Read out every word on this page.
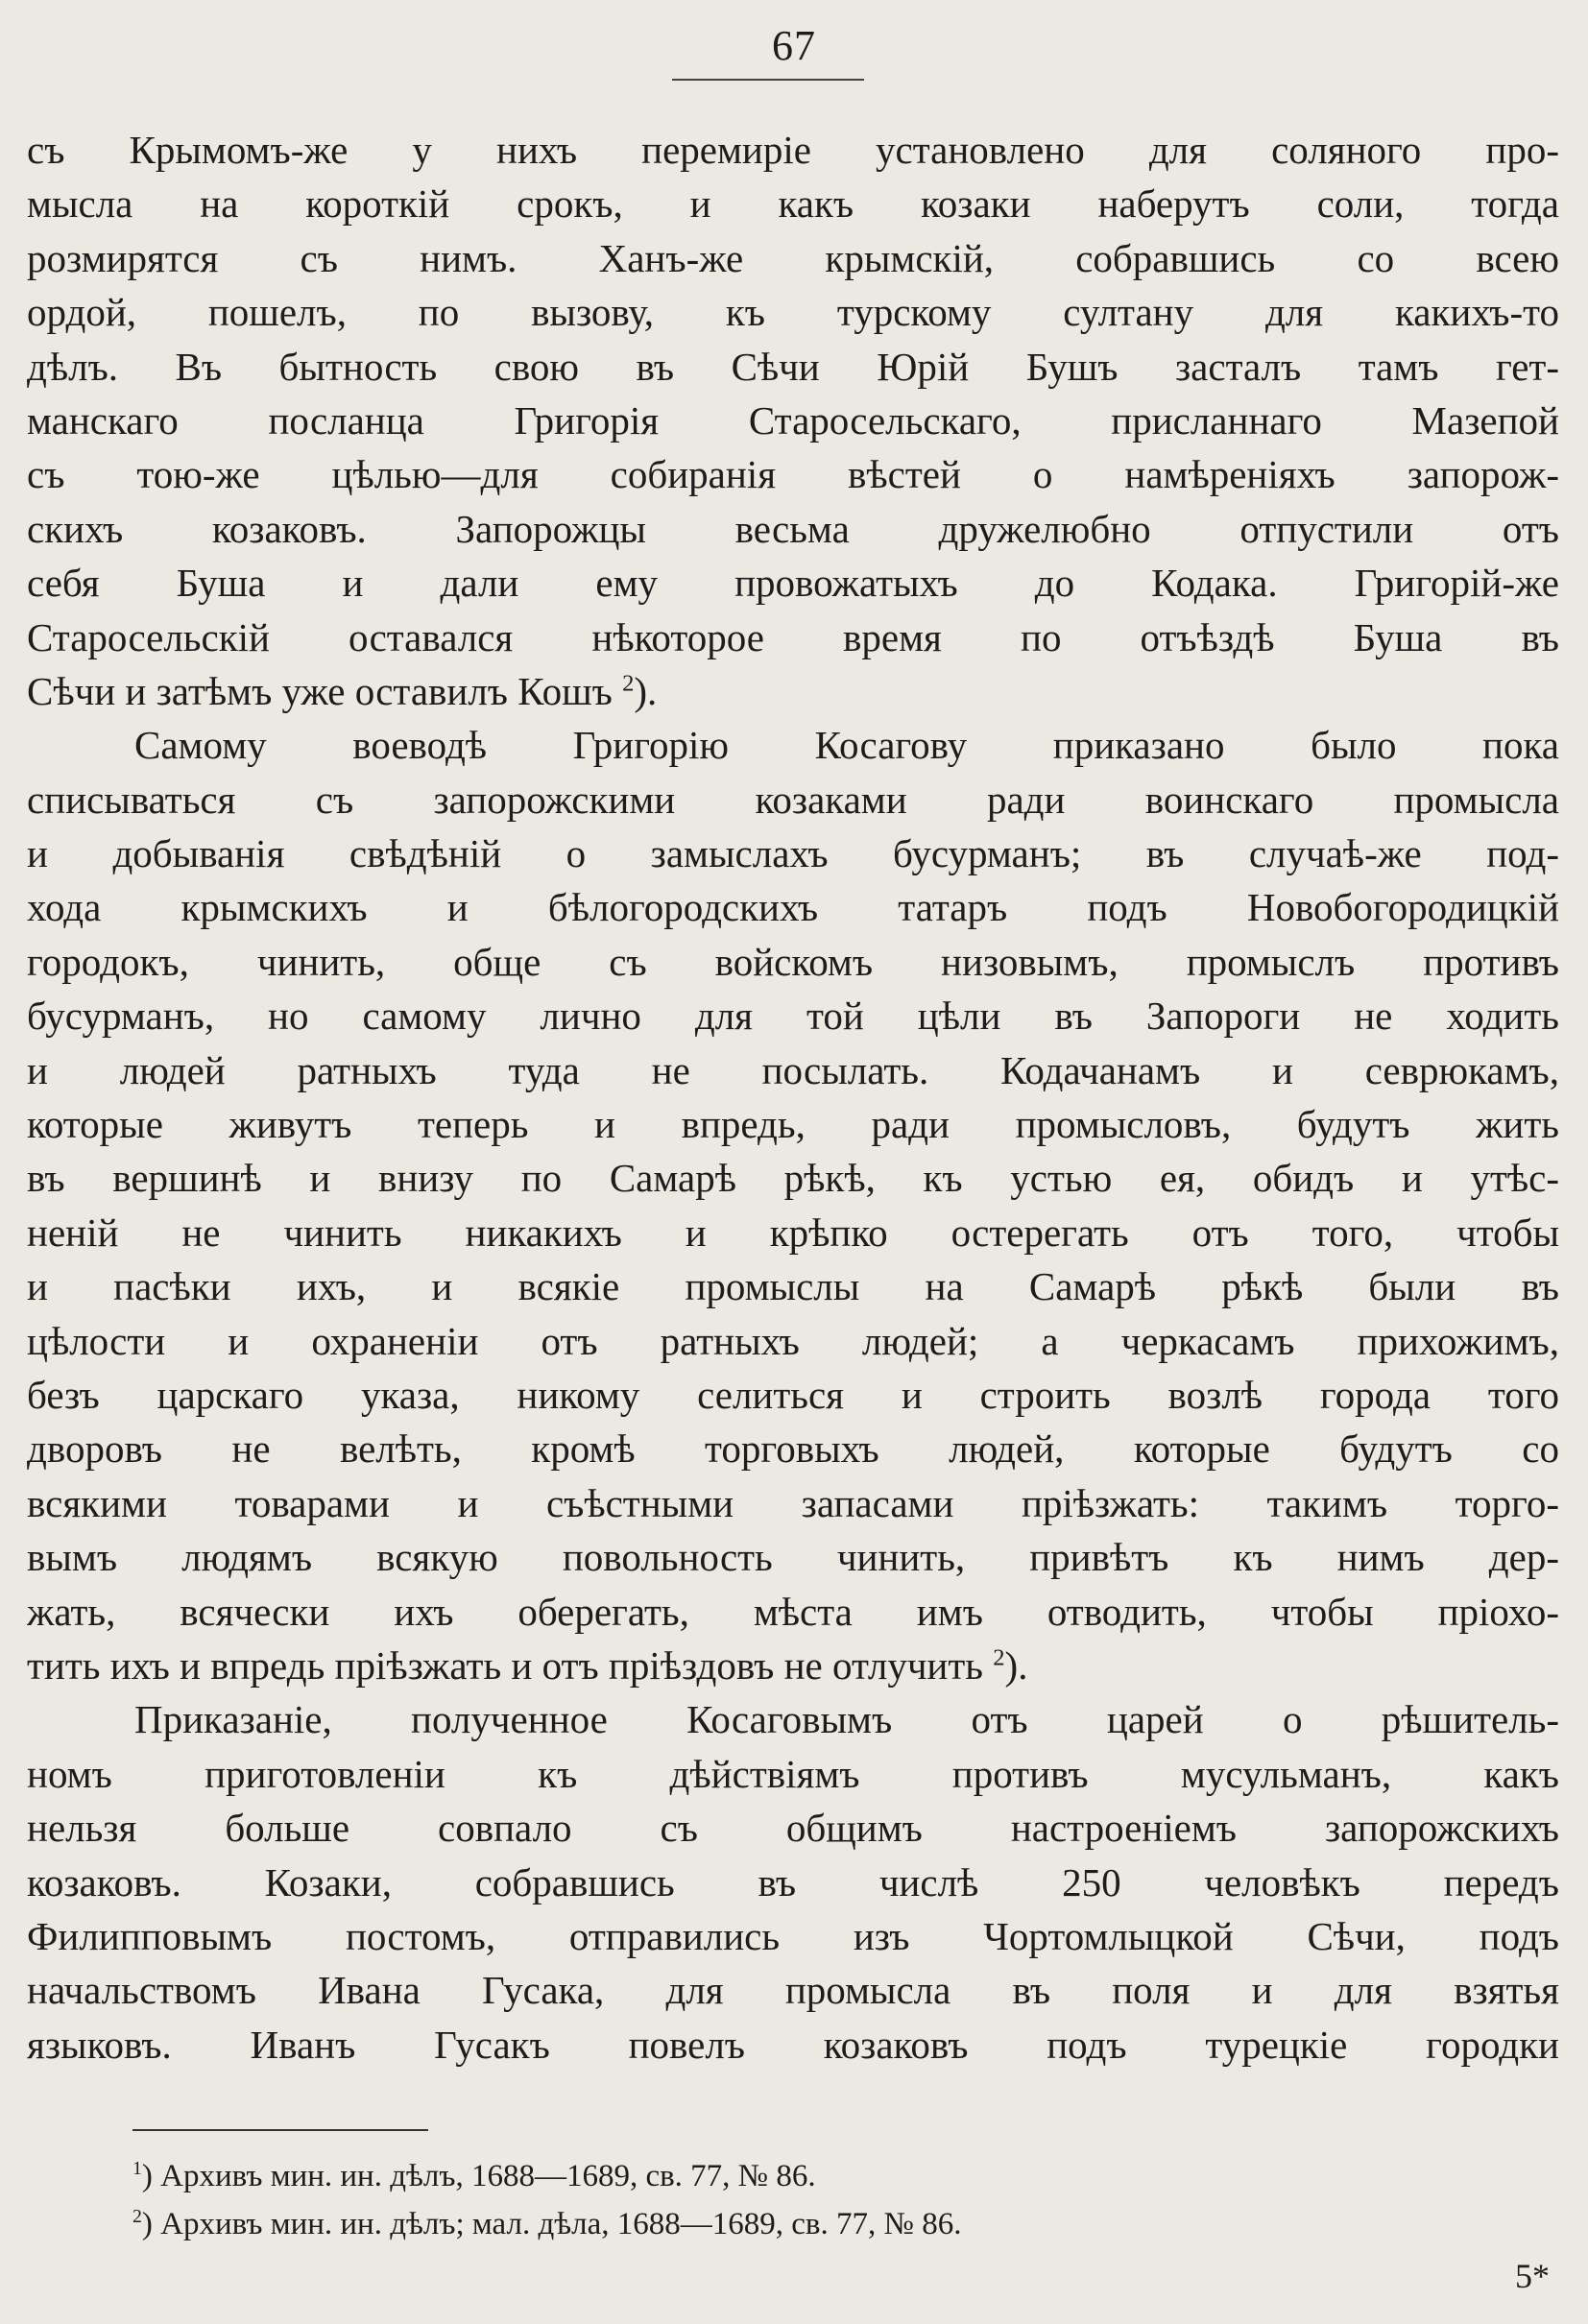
67
съ Крымомъ-же у нихъ перемиріе установлено для соляного про-
мысла на короткій срокъ, и какъ козаки наберутъ соли, тогда
розмирятся съ нимъ. Ханъ-же крымскій, собравшись со всею
ордой, пошелъ, по вызову, къ турскому султану для какихъ-то
дѣлъ. Въ бытность свою въ Сѣчи Юрій Бушъ засталъ тамъ гет-
манскаго посланца Григорія Старосельскаго, присланнаго Мазепой
съ тою-же цѣлью—для собиранія вѣстей о намѣреніяхъ запорож-
скихъ козаковъ. Запорожцы весьма дружелюбно отпустили отъ
себя Буша и дали ему провожатыхъ до Кодака. Григорій-же
Старосельскій оставался нѣкоторое время по отъѣздѣ Буша въ
Сѣчи и затѣмъ уже оставилъ Кошъ $^2$).
Самому воеводѣ Григорію Косагову приказано было пока
списываться съ запорожскими козаками ради воинскаго промысла
и добыванія свѣдѣній о замыслахъ бусурманъ; въ случаѣ-же под-
хода крымскихъ и бѣлогородскихъ татаръ подъ Новобогородицкій
городокъ, чинить, обще съ войскомъ низовымъ, промыслъ противъ
бусурманъ, но самому лично для той цѣли въ Запороги не ходить
и людей ратныхъ туда не посылать. Кодачанамъ и севрюкамъ,
которые живутъ теперь и впредь, ради промысловъ, будутъ жить
въ вершинѣ и внизу по Самарѣ рѣкѣ, къ устью ея, обидъ и утѣс-
неній не чинить никакихъ и крѣпко остерегать отъ того, чтобы
и пасѣки ихъ, и всякіе промыслы на Самарѣ рѣкѣ были въ
цѣлости и охраненіи отъ ратныхъ людей; а черкасамъ прихожимъ,
безъ царскаго указа, никому селиться и строить возлѣ города того
дворовъ не велѣть, кромѣ торговыхъ людей, которые будутъ со
всякими товарами и съѣстными запасами пріѣзжать: такимъ торго-
вымъ людямъ всякую повольность чинить, привѣтъ къ нимъ дер-
жать, всячески ихъ оберегать, мѣста имъ отводить, чтобы пріохо-
тить ихъ и впредь пріѣзжать и отъ пріѣздовъ не отлучить $^2$).
Приказаніе, полученное Косаговымъ отъ царей о рѣшитель-
номъ приготовленіи къ дѣйствіямъ противъ мусульманъ, какъ
нельзя больше совпало съ общимъ настроеніемъ запорожскихъ
козаковъ. Козаки, собравшись въ числѣ 250 человѣкъ передъ
Филипповымъ постомъ, отправились изъ Чортомлыцкой Сѣчи, подъ
начальствомъ Ивана Гусака, для промысла въ поля и для взятья
языковъ. Иванъ Гусакъ повелъ козаковъ подъ турецкіе городки
$^1$) Архивъ мин. ин. дѣлъ, 1688—1689, св. 77, № 86.
$^2$) Архивъ мин. ин. дѣлъ; мал. дѣла, 1688—1689, св. 77, № 86.
5*
